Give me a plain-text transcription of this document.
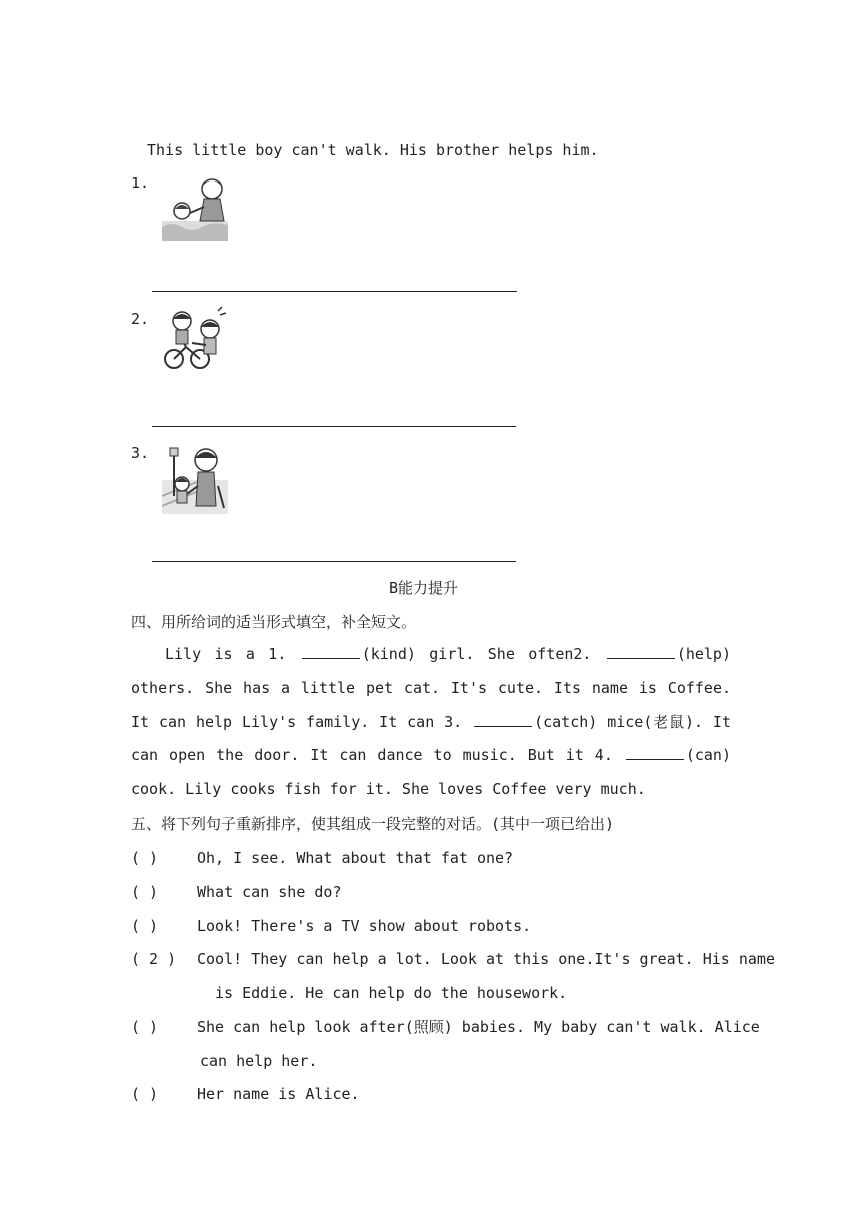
This little boy can't walk. His brother helps him.
1.
2.
3.
B能力提升
四、用所给词的适当形式填空，补全短文。
Lily is a 1.	(kind) girl. She often2.	(help) others. She has a little pet cat. It's cute. Its name is Coffee. It can help Lily's family. It can 3.	(catch) mice(老鼠). It can open the door. It can dance to music. But it 4.	(can) cook. Lily cooks fish for it. She loves Coffee very much.
五、将下列句子重新排序，使其组成一段完整的对话。(其中一项已给出)
( )	Oh, I see. What about that fat one?
( )	What can she do?
( )	Look! There's a TV show about robots.
( 2 ) Cool! They can help a lot. Look at this one.It's great. His name
is Eddie. He can help do the housework.
( )	She can help look after(照顾) babies. My baby can't walk. Alice
can help her.
( )	Her name is Alice.
